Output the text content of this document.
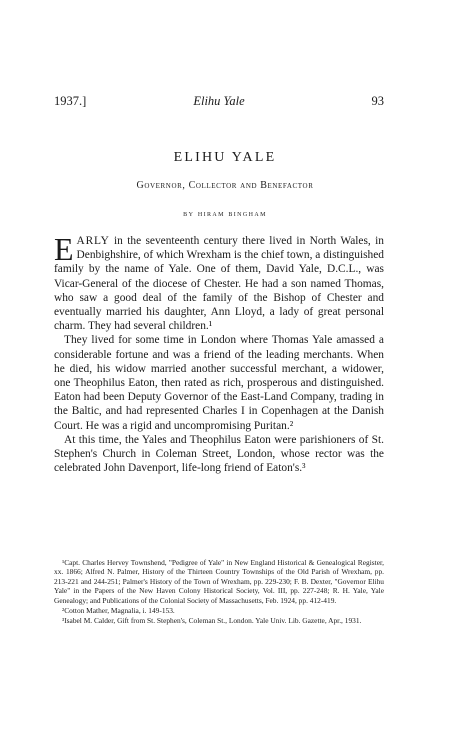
1937.]	Elihu Yale	93
ELIHU YALE
Governor, Collector and Benefactor
by hiram bingham

EARLY in the seventeenth century there lived in North Wales, in Denbighshire, of which Wrexham is the chief town, a distinguished family by the name of Yale. One of them, David Yale, D.C.L., was Vicar-General of the diocese of Chester. He had a son named Thomas, who saw a good deal of the family of the Bishop of Chester and eventually married his daughter, Ann Lloyd, a lady of great personal charm. They had several children.¹

They lived for some time in London where Thomas Yale amassed a considerable fortune and was a friend of the leading merchants. When he died, his widow married another successful merchant, a widower, one Theophilus Eaton, then rated as rich, prosperous and distinguished. Eaton had been Deputy Governor of the East-Land Company, trading in the Baltic, and had represented Charles I in Copenhagen at the Danish Court. He was a rigid and uncompromising Puritan.²

At this time, the Yales and Theophilus Eaton were parishioners of St. Stephen's Church in Coleman Street, London, whose rector was the celebrated John Davenport, life-long friend of Eaton's.³

¹Capt. Charles Hervey Townshend, "Pedigree of Yale" in New England Historical & Genealogical Register, xx. 1866; Alfred N. Palmer, History of the Thirteen Country Townships of the Old Parish of Wrexham, pp. 213-221 and 244-251; Palmer's History of the Town of Wrexham, pp. 229-230; F. B. Dexter, "Governor Elihu Yale" in the Papers of the New Haven Colony Historical Society, Vol. III, pp. 227-248; R. H. Yale, Yale Genealogy; and Publications of the Colonial Society of Massachusetts, Feb. 1924, pp. 412-419.

²Cotton Mather, Magnalia, i. 149-153.

³Isabel M. Calder, Gift from St. Stephen's, Coleman St., London. Yale Univ. Lib. Gazette, Apr., 1931.
